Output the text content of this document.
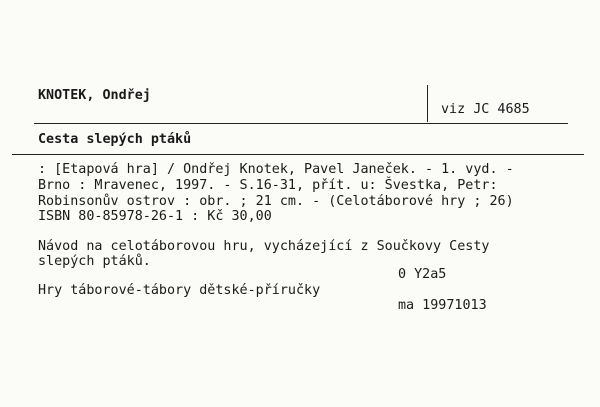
KNOTEK, Ondřej
viz JC 4685
Cesta slepých ptáků
: [Etapová hra] / Ondřej Knotek, Pavel Janeček. - 1. vyd. -
Brno : Mravenec, 1997. - S.16-31, přít. u: Švestka, Petr:
Robinsonův ostrov : obr. ; 21 cm. - (Celotáborové hry ; 26)
ISBN 80-85978-26-1 : Kč 30,00
Návod na celotáborovou hru, vycházející z Součkovy Cesty
slepých ptáků.
0 Y2a5
Hry táborové-tábory dětské-příručky
ma 19971013
